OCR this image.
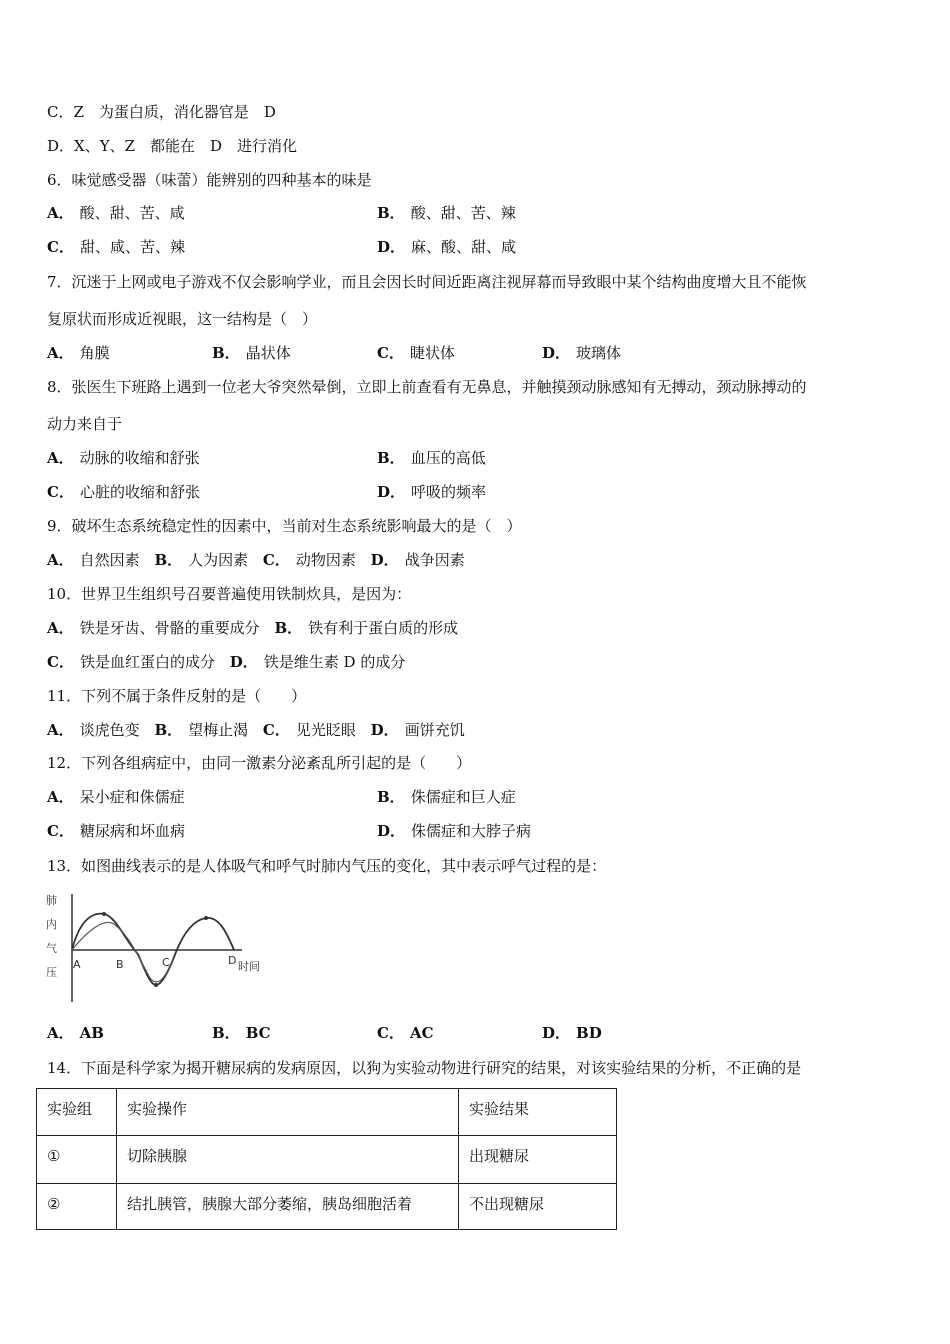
C．Z　为蛋白质，消化器官是　D
D．X、Y、Z　都能在　D　进行消化
6．味觉感受器（味蕾）能辨别的四种基本的味是
A． 酸、甜、苦、咸	B． 酸、甜、苦、辣
C． 甜、咸、苦、辣	D． 麻、酸、甜、咸
7．沉迷于上网或电子游戏不仅会影响学业，而且会因长时间近距离注视屏幕而导致眼中某个结构曲度增大且不能恢
复原状而形成近视眼，这一结构是（　）
A． 角膜	B． 晶状体	C． 睫状体	D． 玻璃体
8．张医生下班路上遇到一位老大爷突然晕倒，立即上前查看有无鼻息，并触摸颈动脉感知有无搏动，颈动脉搏动的
动力来自于
A． 动脉的收缩和舒张	B． 血压的高低
C． 心脏的收缩和舒张	D． 呼吸的频率
9．破坏生态系统稳定性的因素中，当前对生态系统影响最大的是（　）
A． 自然因素 B． 人为因素 C． 动物因素 D． 战争因素
10．世界卫生组织号召要普遍使用铁制炊具，是因为：
A． 铁是牙齿、骨骼的重要成分 B． 铁有利于蛋白质的形成
C． 铁是血红蛋白的成分 D． 铁是维生素 D 的成分
11．下列不属于条件反射的是（　　）
A． 谈虎色变 B． 望梅止渴 C． 见光眨眼 D． 画饼充饥
12．下列各组病症中，由同一激素分泌紊乱所引起的是（　　）
A． 呆小症和侏儒症	B． 侏儒症和巨人症
C． 糖尿病和坏血病	D． 侏儒症和大脖子病
13．如图曲线表示的是人体吸气和呼气时肺内气压的变化，其中表示呼气过程的是：
肺
内
气
压
A	B	C	D 时间
A． AB	B． BC	C． AC	D． BD
14．下面是科学家为揭开糖尿病的发病原因，以狗为实验动物进行研究的结果，对该实验结果的分析，不正确的是
实验组	实验操作	实验结果
①	切除胰腺	出现糖尿
②	结扎胰管，胰腺大部分萎缩，胰岛细胞活着	不出现糖尿
